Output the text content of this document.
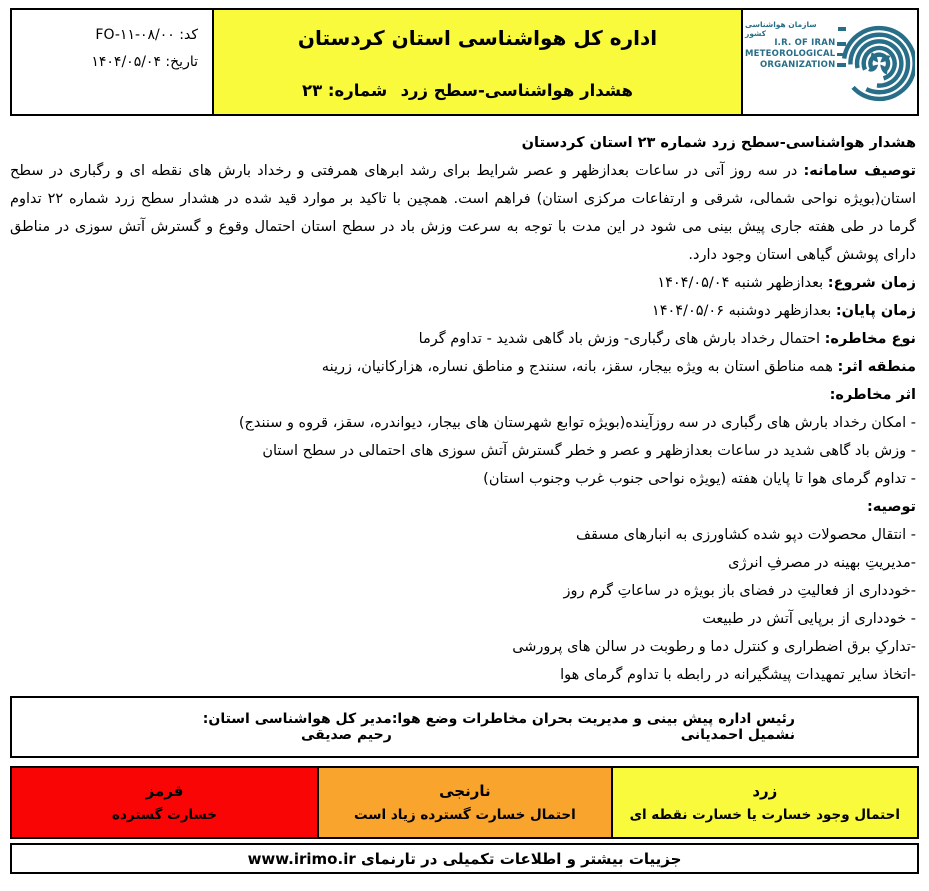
کد: FO-۱۱-۰۸/۰۰
تاریخ: ۱۴۰۴/۰۵/۰۴
اداره کل هواشناسی استان کردستان
هشدار هواشناسی-سطح زرد
شماره: ۲۳
سازمان هواشناسی کشور
I.R. OF IRAN
METEOROLOGICAL
ORGANIZATION
هشدار هواشناسی-سطح زرد شماره ۲۳ استان کردستان
توصیف سامانه: در سه روز آتی در ساعات بعدازظهر و عصر شرایط برای رشد ابرهای همرفتی و رخداد بارش های نقطه ای و رگباری در سطح استان(بویژه نواحی شمالی، شرقی و ارتفاعات مرکزی استان) فراهم است. همچین با تاکید بر موارد قید شده در هشدار سطح زرد شماره ۲۲ تداوم گرما در طی هفته جاری پیش بینی می شود در این مدت با توجه به سرعت وزش باد در سطح استان احتمال وقوع و گسترش آتش سوزی در مناطق دارای پوشش گیاهی استان وجود دارد.
زمان شروع: بعدازظهر شنبه ۱۴۰۴/۰۵/۰۴
زمان پایان: بعدازظهر دوشنبه ۱۴۰۴/۰۵/۰۶
نوع مخاطره: احتمال رخداد بارش های رگباری- وزش باد گاهی شدید - تداوم گرما
منطقه اثر: همه مناطق استان به ویژه بیجار، سقز، بانه، سنندج و مناطق نساره، هزارکانیان، زرینه
اثر مخاطره:
- امکان رخداد بارش های رگباری در سه روزآینده(بویژه توابع شهرستان های بیجار، دیواندره، سقز، قروه و سنندج)
- وزش باد گاهی شدید در ساعات بعدازظهر و عصر و خطر گسترش آتش سوزی های احتمالی در سطح استان
- تداوم گرمای هوا تا پایان هفته (یویژه نواحی جنوب غرب وجنوب استان)
توصیه:
- انتقال محصولات دپو شده کشاورزی به انبارهای مسقف
-مدیریتِ بهینه در مصرفِ انرژی
-خودداری از فعالیتِ در فضای باز بویژه در ساعاتِ گرم روز
- خودداری از برپایی آتش در طبیعت
-تدارکِ برق اضطراری و کنترل دما و رطوبت در سالن های پرورشی
-اتخاذ سایر تمهیدات پیشگیرانه در رابطه با تداوم گرمای هوا
رئیس اداره پیش بینی و مدیریت بحران مخاطرات وضع هوا: نشمیل احمدیانی
مدیر کل هواشناسی استان: رحیم صدیقی
قرمز
خسارت گسترده
نارنجی
احتمال خسارت گسترده زیاد است
زرد
احتمال وجود خسارت یا خسارت نقطه ای
جزییات بیشتر و اطلاعات تکمیلی در تارنمای www.irimo.ir
